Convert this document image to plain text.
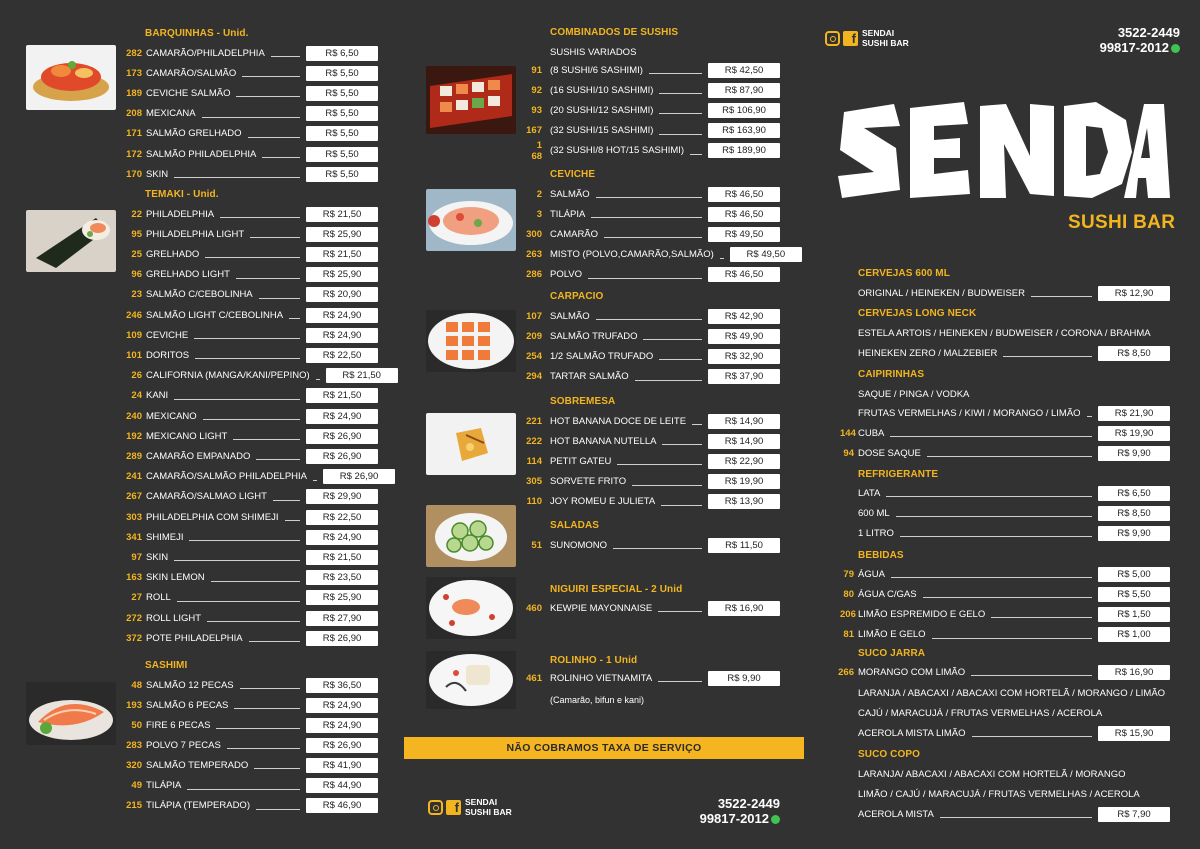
BARQUINHAS - Unid.
282 CAMARÃO/PHILADELPHIA	R$ 6,50
173 CAMARÃO/SALMÃO	R$ 5,50
189 CEVICHE SALMÃO	R$ 5,50
208 MEXICANA	R$ 5,50
171 SALMÃO GRELHADO	R$ 5,50
172 SALMÃO PHILADELPHIA	R$ 5,50
170 SKIN	R$ 5,50
TEMAKI - Unid.
22 PHILADELPHIA	R$ 21,50
95 PHILADELPHIA LIGHT	R$ 25,90
25 GRELHADO	R$ 21,50
96 GRELHADO LIGHT	R$ 25,90
23 SALMÃO C/CEBOLINHA	R$ 20,90
246 SALMÃO LIGHT C/CEBOLINHA	R$ 24,90
109 CEVICHE	R$ 24,90
101 DORITOS	R$ 22,50
26 CALIFORNIA (MANGA/KANI/PEPINO)	R$ 21,50
24 KANI	R$ 21,50
240 MEXICANO	R$ 24,90
192 MEXICANO LIGHT	R$ 26,90
289 CAMARÃO EMPANADO	R$ 26,90
241 CAMARÃO/SALMÃO PHILADELPHIA	R$ 26,90
267 CAMARÃO/SALMAO LIGHT	R$ 29,90
303 PHILADELPHIA COM SHIMEJI	R$ 22,50
341 SHIMEJI	R$ 24,90
97 SKIN	R$ 21,50
163 SKIN LEMON	R$ 23,50
27 ROLL	R$ 25,90
272 ROLL LIGHT	R$ 27,90
372 POTE PHILADELPHIA	R$ 26,90
SASHIMI
48 SALMÃO 12 PECAS	R$ 36,50
193 SALMÃO 6 PECAS	R$ 24,90
50 FIRE 6 PECAS	R$ 24,90
283 POLVO 7 PECAS	R$ 26,90
320 SALMÃO TEMPERADO	R$ 41,90
49 TILÁPIA	R$ 44,90
215 TILÁPIA (TEMPERADO)	R$ 46,90
COMBINADOS DE SUSHIS
SUSHIS VARIADOS
91 (8 SUSHI/6 SASHIMI)	R$ 42,50
92 (16 SUSHI/10 SASHIMI)	R$ 87,90
93 (20 SUSHI/12 SASHIMI)	R$ 106,90
167 (32 SUSHI/15 SASHIMI)	R$ 163,90
1 68 (32 SUSHI/8 HOT/15 SASHIMI)	R$ 189,90
CEVICHE
2 SALMÃO	R$ 46,50
3 TILÁPIA	R$ 46,50
300 CAMARÃO	R$ 49,50
263 MISTO (POLVO,CAMARÃO,SALMÃO)	R$ 49,50
286 POLVO	R$ 46,50
CARPACIO
107 SALMÃO	R$ 42,90
209 SALMÃO TRUFADO	R$ 49,90
254 1/2 SALMÃO TRUFADO	R$ 32,90
294 TARTAR SALMÃO	R$ 37,90
SOBREMESA
221 HOT BANANA DOCE DE LEITE	R$ 14,90
222 HOT BANANA NUTELLA	R$ 14,90
114 PETIT GATEU	R$ 22,90
305 SORVETE FRITO	R$ 19,90
110 JOY ROMEU E JULIETA	R$ 13,90
SALADAS
51 SUNOMONO	R$ 11,50
NIGUIRI ESPECIAL - 2 Unid
460 KEWPIE MAYONNAISE	R$ 16,90
ROLINHO - 1 Unid
461 ROLINHO VIETNAMITA	R$ 9,90
(Camarão, bifun e kani)
f SENDAI
SUSHI BAR
3522-2449
99817-2012
NÃO COBRAMOS TAXA DE SERVIÇO
f SENDAI
SUSHI BAR
3522-2449
99817-2012
SUSHI BAR
CERVEJAS 600 ML
ORIGINAL / HEINEKEN / BUDWEISER	R$ 12,90
CERVEJAS LONG NECK
ESTELA ARTOIS / HEINEKEN / BUDWEISER / CORONA / BRAHMA
HEINEKEN ZERO / MALZEBIER	R$ 8,50
CAIPIRINHAS
SAQUE / PINGA / VODKA
FRUTAS VERMELHAS / KIWI / MORANGO / LIMÃO	R$ 21,90
144 CUBA	R$ 19,90
94 DOSE SAQUE	R$ 9,90
REFRIGERANTE
LATA	R$ 6,50
600 ML	R$ 8,50
1 LITRO	R$ 9,90
BEBIDAS
79 ÁGUA	R$ 5,00
80 ÁGUA C/GAS	R$ 5,50
206 LIMÃO ESPREMIDO E GELO	R$ 1,50
81 LIMÃO E GELO	R$ 1,00
SUCO JARRA
266 MORANGO COM LIMÃO	R$ 16,90
LARANJA / ABACAXI / ABACAXI COM HORTELÃ / MORANGO / LIMÃO
CAJÚ / MARACUJÁ / FRUTAS VERMELHAS / ACEROLA
ACEROLA MISTA LIMÃO	R$ 15,90
SUCO COPO
LARANJA/ ABACAXI / ABACAXI COM HORTELÃ / MORANGO
LIMÃO / CAJÚ / MARACUJÁ / FRUTAS VERMELHAS / ACEROLA
ACEROLA MISTA	R$ 7,90
